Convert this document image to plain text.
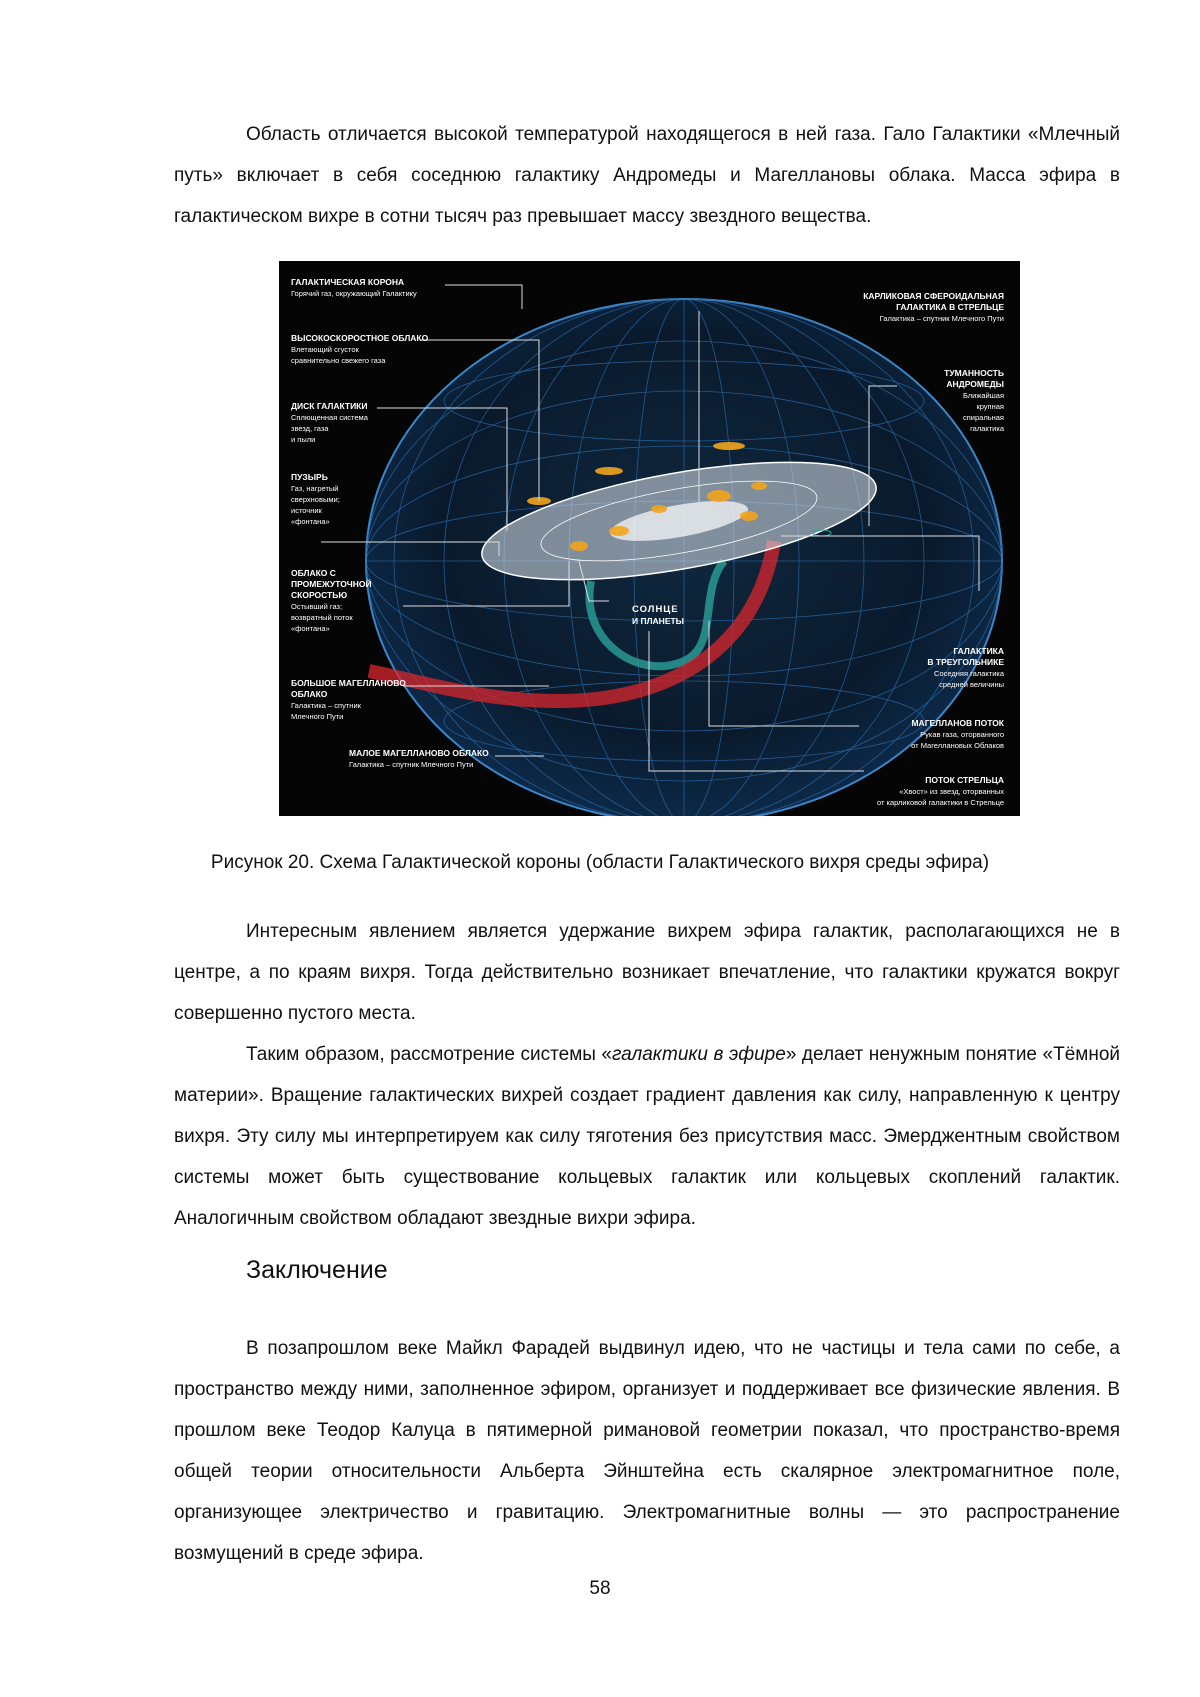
Область отличается высокой температурой находящегося в ней газа. Гало Галактики «Млечный путь» включает в себя соседнюю галактику Андромеды и Магеллановы облака. Масса эфира в галактическом вихре в сотни тысяч раз превышает массу звездного вещества.

ГАЛАКТИЧЕСКАЯ КОРОНА
Горячий газ, окружающий Галактику
ВЫСОКОСКОРОСТНОЕ ОБЛАКО
Влетающий сгусток
сравнительно свежего газа
ДИСК ГАЛАКТИКИ
Сплющенная система
звезд, газа
и пыли
ПУЗЫРЬ
Газ, нагретый
сверхновыми;
источник
«фонтана»
ОБЛАКО С
ПРОМЕЖУТОЧНОЙ
СКОРОСТЬЮ
Остывший газ;
возвратный поток
«фонтана»
БОЛЬШОЕ МАГЕЛЛАНОВО
ОБЛАКО
Галактика – спутник
Млечного Пути
МАЛОЕ МАГЕЛЛАНОВО ОБЛАКО
Галактика – спутник Млечного Пути
КАРЛИКОВАЯ СФЕРОИДАЛЬНАЯ
ГАЛАКТИКА В СТРЕЛЬЦЕ
Галактика – спутник Млечного Пути
ТУМАННОСТЬ
АНДРОМЕДЫ
Ближайшая
крупная
спиральная
галактика
СОЛНЦЕ
И ПЛАНЕТЫ
ГАЛАКТИКА
В ТРЕУГОЛЬНИКЕ
Соседняя галактика
средней величины
МАГЕЛЛАНОВ ПОТОК
Рукав газа, оторванного
от Магеллановых Облаков
ПОТОК СТРЕЛЬЦА
«Хвост» из звезд, оторванных
от карликовой галактики в Стрельце

Рисунок 20. Схема Галактической короны (области Галактического вихря среды эфира)

Интересным явлением является удержание вихрем эфира галактик, располагающихся не в центре, а по краям вихря. Тогда действительно возникает впечатление, что галактики кружатся вокруг совершенно пустого места.

Таким образом, рассмотрение системы «галактики в эфире» делает ненужным понятие «Тёмной материи». Вращение галактических вихрей создает градиент давления как силу, направленную к центру вихря. Эту силу мы интерпретируем как силу тяготения без присутствия масс. Эмерджентным свойством системы может быть существование кольцевых галактик или кольцевых скоплений галактик. Аналогичным свойством обладают звездные вихри эфира.

Заключение

В позапрошлом веке Майкл Фарадей выдвинул идею, что не частицы и тела сами по себе, а пространство между ними, заполненное эфиром, организует и поддерживает все физические явления. В прошлом веке Теодор Калуца в пятимерной римановой геометрии показал, что пространство-время общей теории относительности Альберта Эйнштейна есть скалярное электромагнитное поле, организующее электричество и гравитацию. Электромагнитные волны — это распространение возмущений в среде эфира.

58
